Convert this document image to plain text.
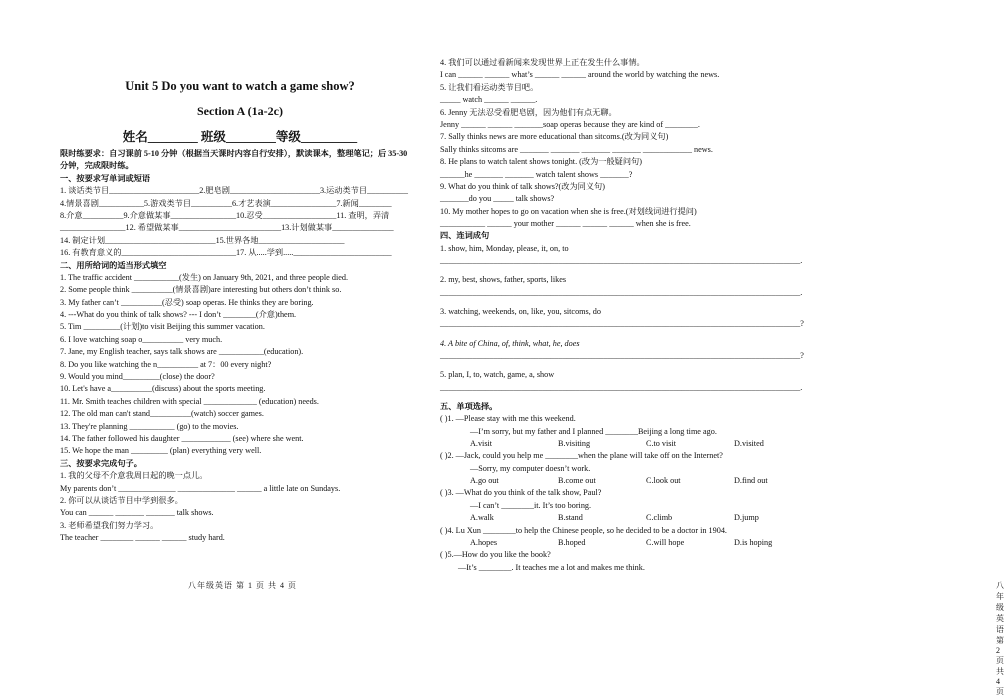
Unit 5 Do you want to watch a game show?
Section A (1a-2c)
姓名________ 班级________等级_________
限时练要求：自习课前 5-10 分钟（根据当天课时内容自行安排），默读课本，整理笔记；后 35-30
分钟，完成限时练。
一、按要求写单词或短语
1. 谈话类节目______________________2.肥皂剧______________________3.运动类节目__________
4.情景喜剧___________5.游戏类节目__________6.才艺表演________________7.新闻________
8.介意__________9.介意做某事________________10.忍受__________________11. 查明，弄清
________________12. 希望做某事_________________________13.计划做某事_______________
14. 制定计划___________________________15.世界各地_____________________
16. 有教育意义的____________________________17. 从.....学到.....________________________
二、用所给词的适当形式填空
1. The traffic accident ___________(发生) on January 9th, 2021, and three people died.
2. Some people think __________(情景喜剧)are interesting but others don’t think so.
3. My father can’t __________(忍受) soap operas. He thinks they are boring.
4. ---What do you think of talk shows? --- I don’t ________(介意)them.
5. Tim _________(计划)to visit Beijing this summer vacation.
6. I love watching soap o__________ very much.
7. Jane, my English teacher, says talk shows are ___________(education).
8. Do you like watching the n__________ at 7：00 every night?
9. Would you mind_________(close) the door?
10. Let's have a__________(discuss) about the sports meeting.
11. Mr. Smith teaches children with special _____________ (education) needs.
12. The old man can't stand__________(watch) soccer games.
13. They're planning ___________ (go) to the movies.
14. The father followed his daughter ____________ (see) where she went.
15. We hope the man _________ (plan) everything very well.
三、按要求完成句子。
1. 我的父母不介意我周日起的晚一点儿。
My parents don’t ______________ ______________ ______ a little late on Sundays.
2. 你可以从谈话节目中学到很多。
You can ______ _______ _______ talk shows.
3. 老师希望我们努力学习。
The teacher ________ ______ ______ study hard.
八年级英语 第 1 页 共 4 页
4. 我们可以通过看新闻来发现世界上正在发生什么事情。
I can ______ ______ what’s ______ ______ around the world by watching the news.
5. 让我们看运动类节目吧。
_____ watch ______ ______.
6. Jenny 无法忍受看肥皂剧，因为他们有点无聊。
Jenny ______ ______ _______soap operas because they are kind of ________.
7. Sally thinks news are more educational than sitcoms.(改为同义句)
Sally thinks sitcoms are _______ _______ _______ _______ ____________ news.
8. He plans to watch talent shows tonight. (改为一般疑问句)
______he _______ _______ watch talent shows _______?
9. What do you think of talk shows?(改为同义句)
_______do you _____ talk shows?
10. My mother hopes to go on vacation when she is free.(对划线词进行提问)
___________ ______ your mother ______ ______ ______ when she is free.
四、连词成句
1. show, him, Monday, please, it, on, to
________________________________________________________________________________________.
2. my, best, shows, father, sports, likes
________________________________________________________________________________________.
3. watching, weekends, on, like, you, sitcoms, do
________________________________________________________________________________________?
4. A bite of China, of, think, what, he, does
________________________________________________________________________________________?
5. plan, I, to, watch, game, a, show
________________________________________________________________________________________.
五、单项选择。
( )1. —Please stay with me this weekend.
—I’m sorry, but my father and I planned ________Beijing a long time ago.
A.visit	B.visiting	C.to visit	D.visited
( )2. —Jack, could you help me ________when the plane will take off on the Internet?
—Sorry, my computer doesn’t work.
A.go out	B.come out	C.look out	D.find out
( )3. —What do you think of the talk show, Paul?
—I can’t ________it. It’s too boring.
A.walk	B.stand	C.climb	D.jump
( )4. Lu Xun ________to help the Chinese people, so he decided to be a doctor in 1904.
A.hopes	B.hoped	C.will hope	D.is hoping
( )5.—How do you like the book?
—It’s ________. It teaches me a lot and makes me think.
八年级英语 第 2 页 共 4 页
